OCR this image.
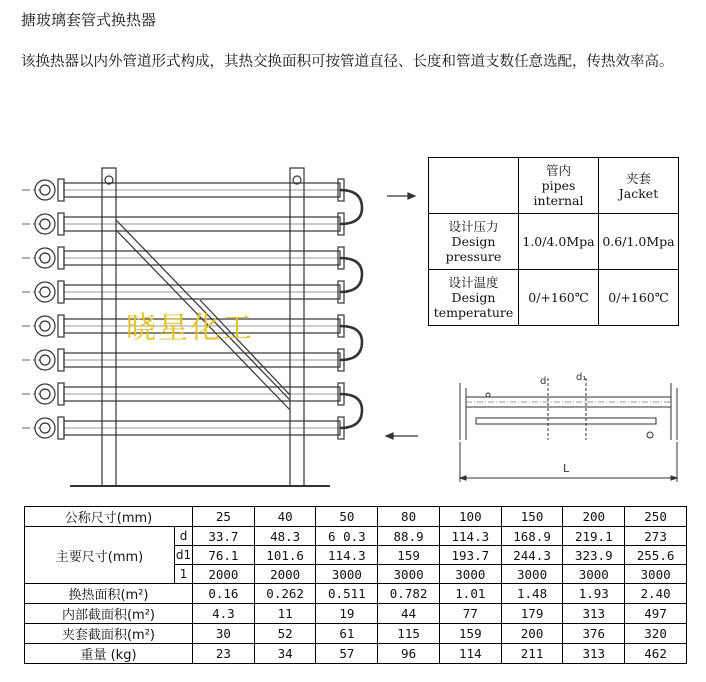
搪玻璃套管式换热器
该换热器以内外管道形式构成，其热交换面积可按管道直径、长度和管道支数任意选配，传热效率高。
d	d₁
L
晓星化工

	管内
pipes
internal	夹套
Jacket

设计压力
Design
pressure	1.0/4.0Mpa	0.6/1.0Mpa

设计温度
Design
temperature	0/+160℃	0/+160℃
公称尺寸(mm)		25	40	50	80	100	150	200	250
主要尺寸(mm)	d	33.7	48.3	6 0.3	88.9	114.3	168.9	219.1	273
	d1	76.1	101.6	114.3	159	193.7	244.3	323.9	255.6
	1	2000	2000	3000	3000	3000	3000	3000	3000
换热面积(m²)		0.16	0.262	0.511	0.782	1.01	1.48	1.93	2.40
内部截面积(m²)		4.3	11	19	44	77	179	313	497
夹套截面积(m²)		30	52	61	115	159	200	376	320
重量 (kg)		23	34	57	96	114	211	313	462
